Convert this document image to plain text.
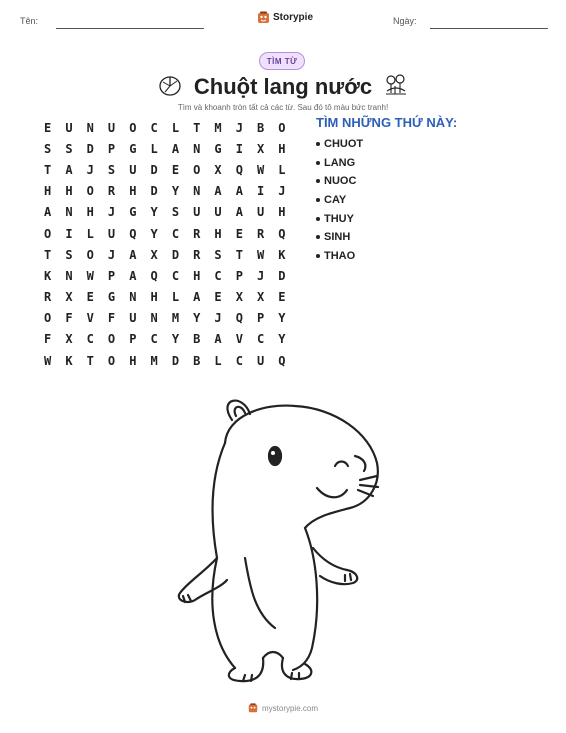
Tên:	Storypie	Ngày:
TÌM TỪ
Chuột lang nước
Tìm và khoanh tròn tất cả các từ. Sau đó tô màu bức tranh!
E	U	N	U	O	C	L	T	M	J	B	O
S	S	D	P	G	L	A	N	G	I	X	H
T	A	J	S	U	D	E	O	X	Q	W	L
H	H	O	R	H	D	Y	N	A	A	I	J
A	N	H	J	G	Y	S	U	U	A	U	H
O	I	L	U	Q	Y	C	R	H	E	R	Q
T	S	O	J	A	X	D	R	S	T	W	K
K	N	W	P	A	Q	C	H	C	P	J	D
R	X	E	G	N	H	L	A	E	X	X	E
O	F	V	F	U	N	M	Y	J	Q	P	Y
F	X	C	O	P	C	Y	B	A	V	C	Y
W	K	T	O	H	M	D	B	L	C	U	Q
TÌM NHỮNG THỨ NÀY:
CHUOT
LANG
NUOC
CAY
THUY
SINH
THAO
mystorypie.com
